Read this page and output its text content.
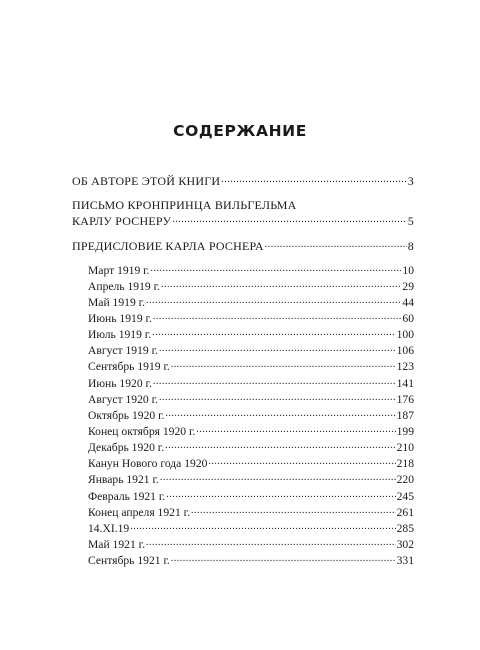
СОДЕРЖАНИЕ
ОБ АВТОРЕ ЭТОЙ КНИГИ .....	3
ПИСЬМО КРОНПРИНЦА ВИЛЬГЕЛЬМА
КАРЛУ РОСНЕРУ .....	5
ПРЕДИСЛОВИЕ КАРЛА РОСНЕРА .....	8
Март 1919 г. .....	10
Апрель 1919 г. .....	29
Май 1919 г. .....	44
Июнь 1919 г. .....	60
Июль 1919 г. .....	100
Август 1919 г. .....	106
Сентябрь 1919 г. .....	123
Июнь 1920 г. .....	141
Август 1920 г. .....	176
Октябрь 1920 г. .....	187
Конец октября 1920 г. .....	199
Декабрь 1920 г. .....	210
Канун Нового года 1920 .....	218
Январь 1921 г. .....	220
Февраль 1921 г. .....	245
Конец апреля 1921 г. .....	261
14.XI.19 .....	285
Май 1921 г. .....	302
Сентябрь 1921 г. .....	331
